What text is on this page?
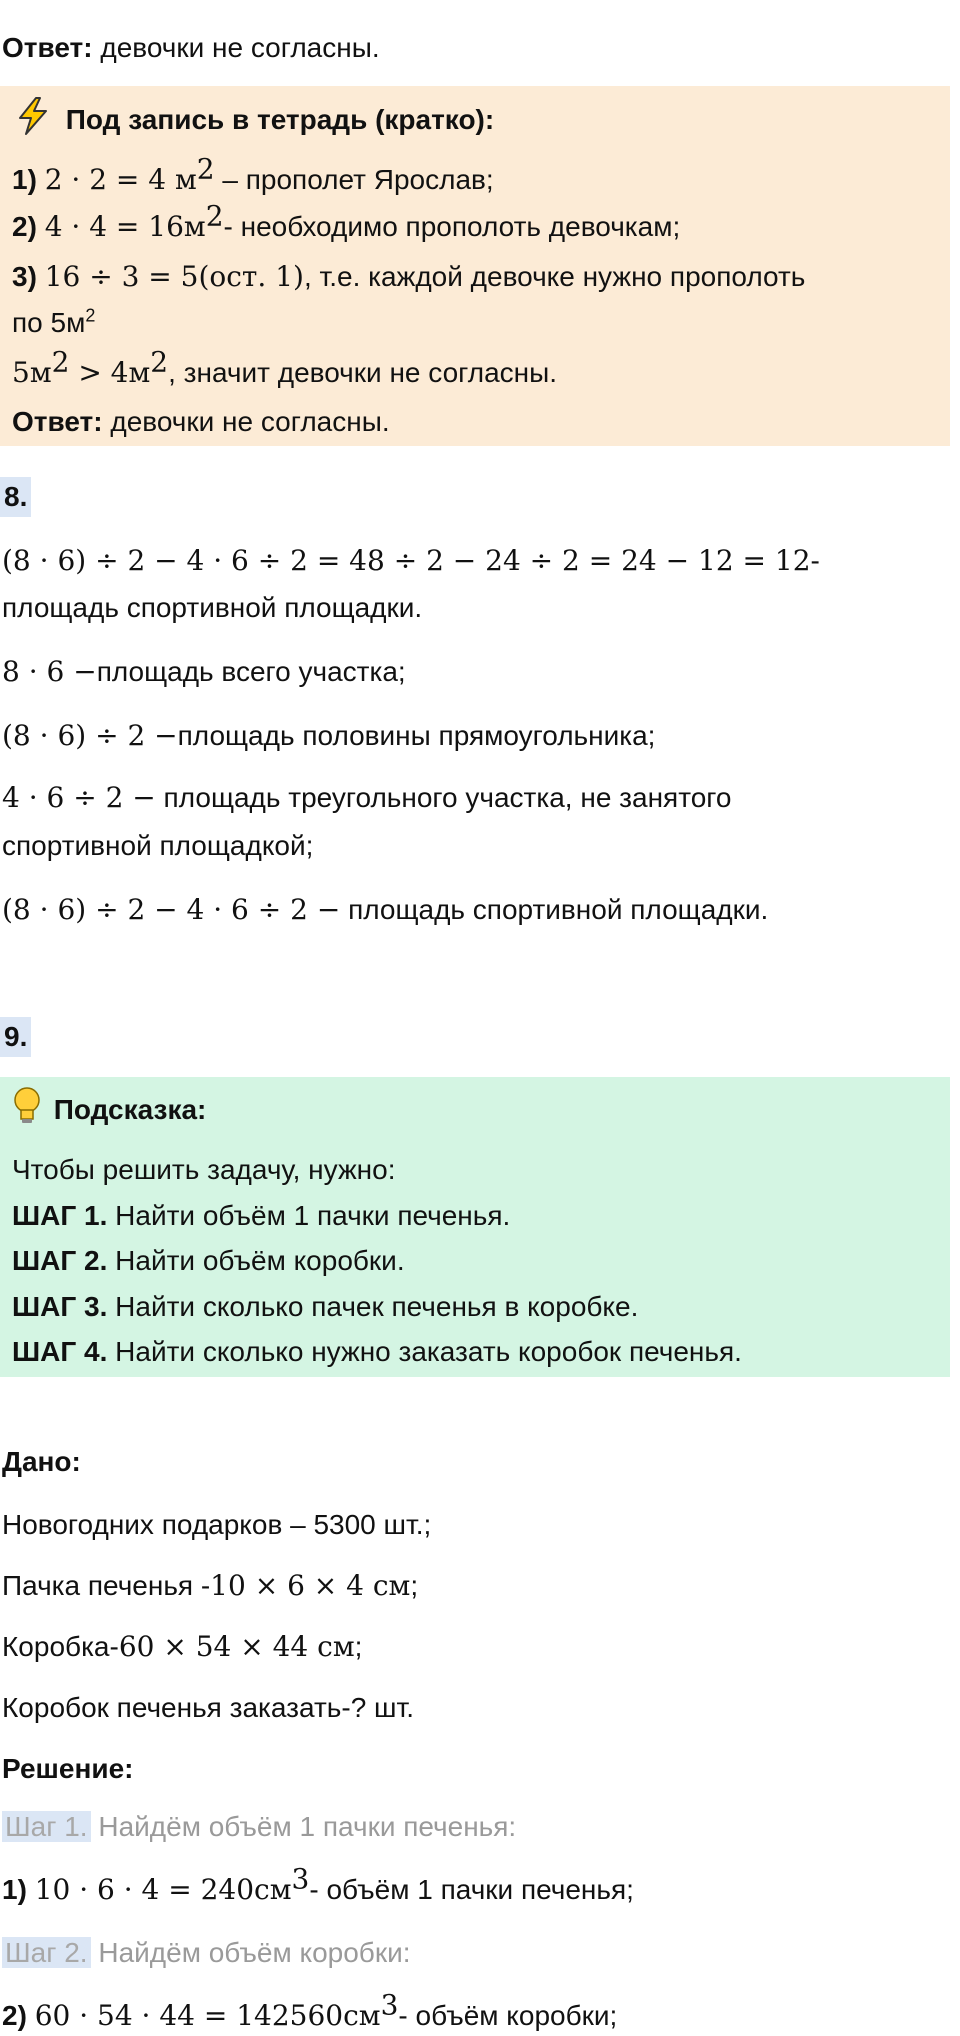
Ответ: девочки не согласны.
Под запись в тетрадь (кратко):
1) 2 · 2 = 4 $м^2$ – прополет Ярослав;
2) $4 \cdot 4 = 16м^2-$ необходимо прополоть девочкам;
3) 16 ÷ 3 = 5(ост. 1), т.е. каждой девочке нужно прополоть
по $5м^2$
$5м^2 > 4м^2$, значит девочки не согласны.
Ответ: девочки не согласны.
8.
(8 · 6) ÷ 2 − 4 · 6 ÷ 2 = 48 ÷ 2 − 24 ÷ 2 = 24 − 12 = 12-
площадь спортивной площадки.
8 · 6 −площадь всего участка;
(8 · 6) ÷ 2 −площадь половины прямоугольника;
4 · 6 ÷ 2 − площадь треугольного участка, не занятого
спортивной площадкой;
(8 · 6) ÷ 2 − 4 · 6 ÷ 2 − площадь спортивной площадки.
9.
Подсказка:
Чтобы решить задачу, нужно:
ШАГ 1. Найти объём 1 пачки печенья.
ШАГ 2. Найти объём коробки.
ШАГ 3. Найти сколько пачек печенья в коробке.
ШАГ 4. Найти сколько нужно заказать коробок печенья.
Дано:
Новогодних подарков – 5300 шт.;
Пачка печенья -10 × 6 × 4 см;
Коробка-60 × 54 × 44 см;
Коробок печенья заказать-? шт.
Решение:
Шаг 1. Найдём объём 1 пачки печенья:
1) $10 \cdot 6 \cdot 4 = 240см^3-$ объём 1 пачки печенья;
Шаг 2. Найдём объём коробки:
2) $60 \cdot 54 \cdot 44 = 142560см^3-$ объём коробки;
